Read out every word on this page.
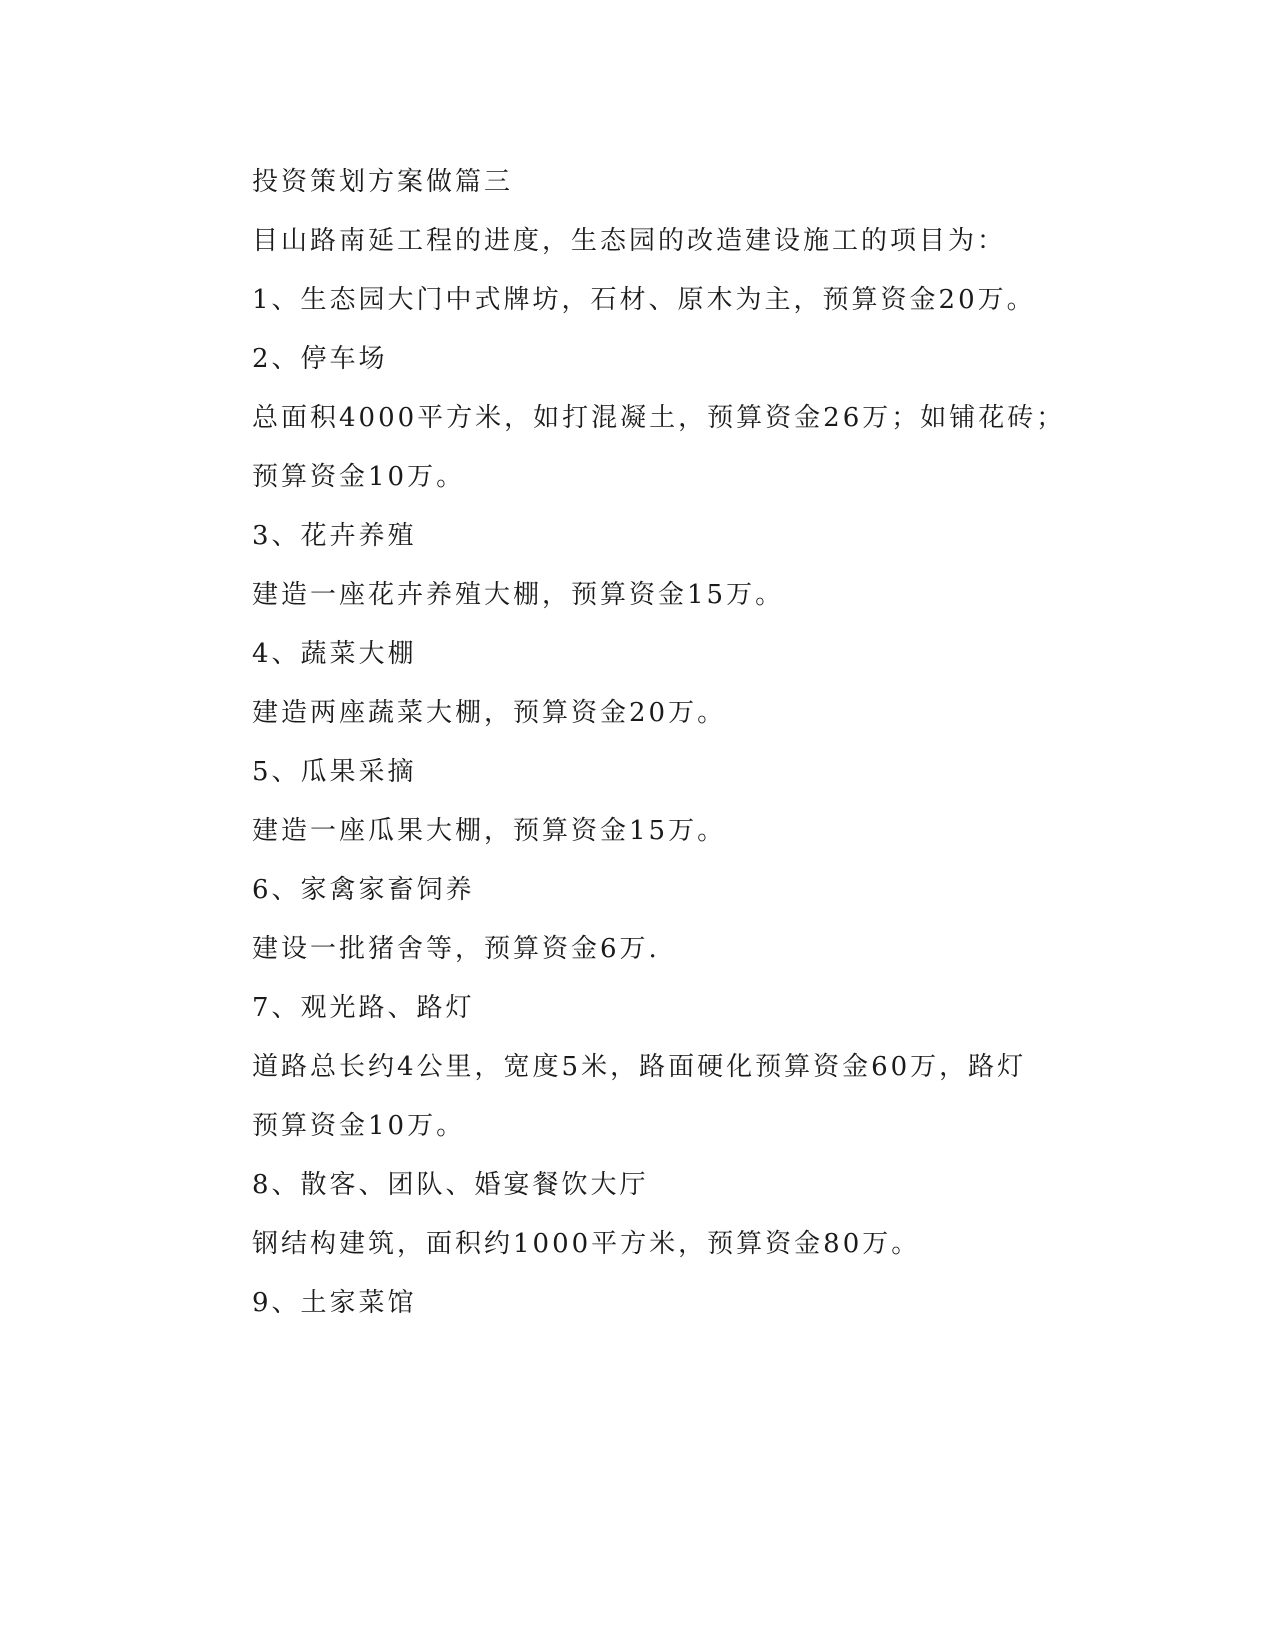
投资策划方案做篇三
目山路南延工程的进度，生态园的改造建设施工的项目为：
1、生态园大门中式牌坊，石材、原木为主，预算资金20万。
2、停车场
总面积4000平方米，如打混凝土，预算资金26万；如铺花砖；
预算资金10万。
3、花卉养殖
建造一座花卉养殖大棚，预算资金15万。
4、蔬菜大棚
建造两座蔬菜大棚，预算资金20万。
5、瓜果采摘
建造一座瓜果大棚，预算资金15万。
6、家禽家畜饲养
建设一批猪舍等，预算资金6万.
7、观光路、路灯
道路总长约4公里，宽度5米，路面硬化预算资金60万，路灯
预算资金10万。
8、散客、团队、婚宴餐饮大厅
钢结构建筑，面积约1000平方米，预算资金80万。
9、土家菜馆
